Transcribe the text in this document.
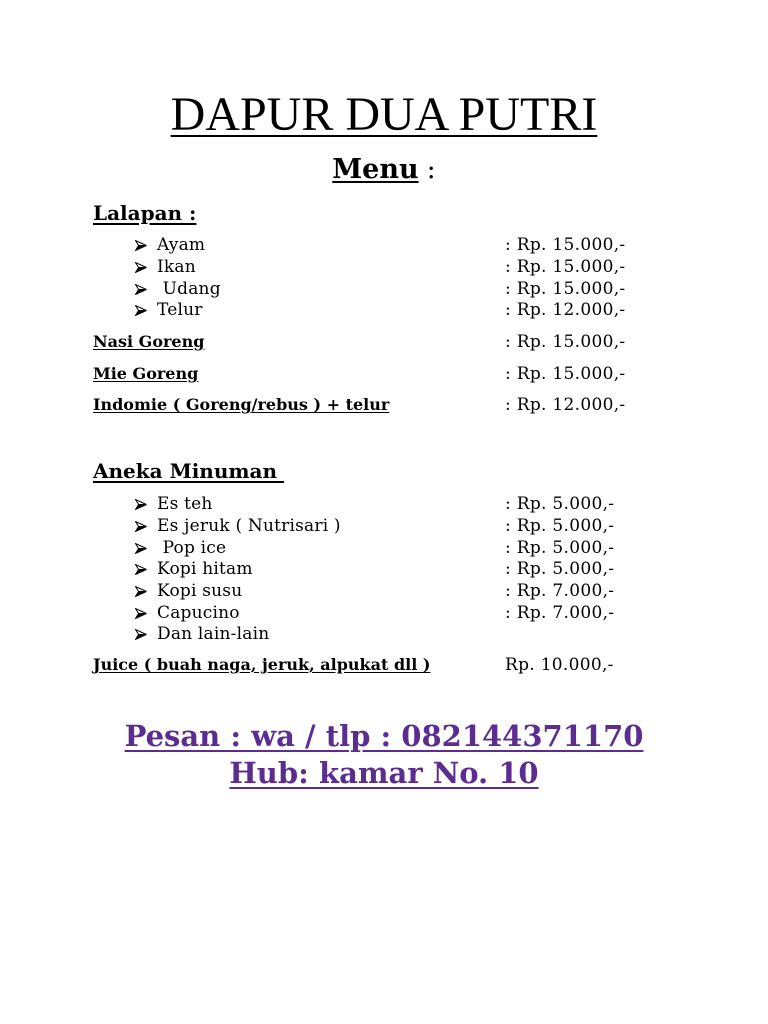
DAPUR DUA PUTRI
Menu :
Lalapan :
Ayam	: Rp. 15.000,-
Ikan	: Rp. 15.000,-
Udang	: Rp. 15.000,-
Telur	: Rp. 12.000,-
Nasi Goreng	: Rp. 15.000,-
Mie Goreng	: Rp. 15.000,-
Indomie ( Goreng/rebus ) + telur	: Rp. 12.000,-
Aneka Minuman
Es teh	: Rp. 5.000,-
Es jeruk ( Nutrisari )	: Rp. 5.000,-
Pop ice	: Rp. 5.000,-
Kopi hitam	: Rp. 5.000,-
Kopi susu	: Rp. 7.000,-
Capucino	: Rp. 7.000,-
Dan lain-lain
Juice ( buah naga, jeruk, alpukat dll )	Rp. 10.000,-
Pesan : wa / tlp : 082144371170
Hub: kamar No. 10
